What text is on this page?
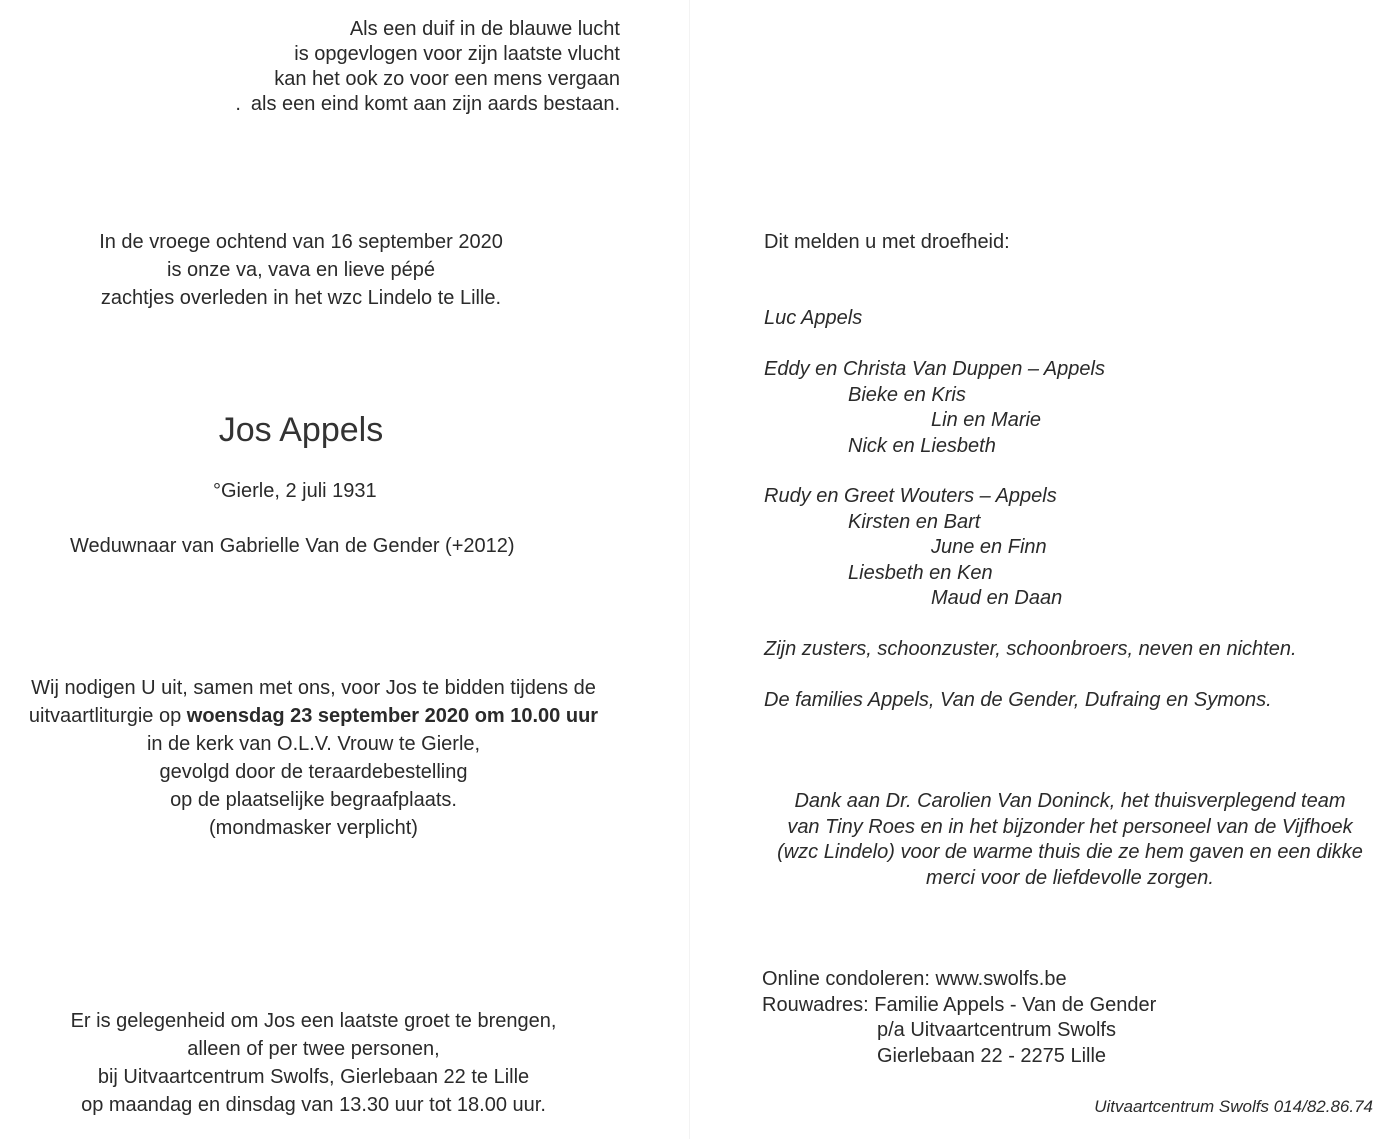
Als een duif in de blauwe lucht
is opgevlogen voor zijn laatste vlucht
kan het ook zo voor een mens vergaan
. als een eind komt aan zijn aards bestaan.
In de vroege ochtend van 16 september 2020
is onze va, vava en lieve pépé
zachtjes overleden in het wzc Lindelo te Lille.
Jos Appels
°Gierle, 2 juli 1931
Weduwnaar van Gabrielle Van de Gender (+2012)
Wij nodigen U uit, samen met ons, voor Jos te bidden tijdens de
uitvaartliturgie op woensdag 23 september 2020 om 10.00 uur
in de kerk van O.L.V. Vrouw te Gierle,
gevolgd door de teraardebestelling
op de plaatselijke begraafplaats.
(mondmasker verplicht)
Er is gelegenheid om Jos een laatste groet te brengen,
alleen of per twee personen,
bij Uitvaartcentrum Swolfs, Gierlebaan 22 te Lille
op maandag en dinsdag van 13.30 uur tot 18.00 uur.
Dit melden u met droefheid:
Luc Appels
Eddy en Christa Van Duppen – Appels
Bieke en Kris
Lin en Marie
Nick en Liesbeth
Rudy en Greet Wouters – Appels
Kirsten en Bart
June en Finn
Liesbeth en Ken
Maud en Daan
Zijn zusters, schoonzuster, schoonbroers, neven en nichten.
De families Appels, Van de Gender, Dufraing en Symons.
Dank aan Dr. Carolien Van Doninck, het thuisverplegend team
van Tiny Roes en in het bijzonder het personeel van de Vijfhoek
(wzc Lindelo) voor de warme thuis die ze hem gaven en een dikke
merci voor de liefdevolle zorgen.
Online condoleren: www.swolfs.be
Rouwadres: Familie Appels - Van de Gender
p/a Uitvaartcentrum Swolfs
Gierlebaan 22 - 2275 Lille
Uitvaartcentrum Swolfs 014/82.86.74
